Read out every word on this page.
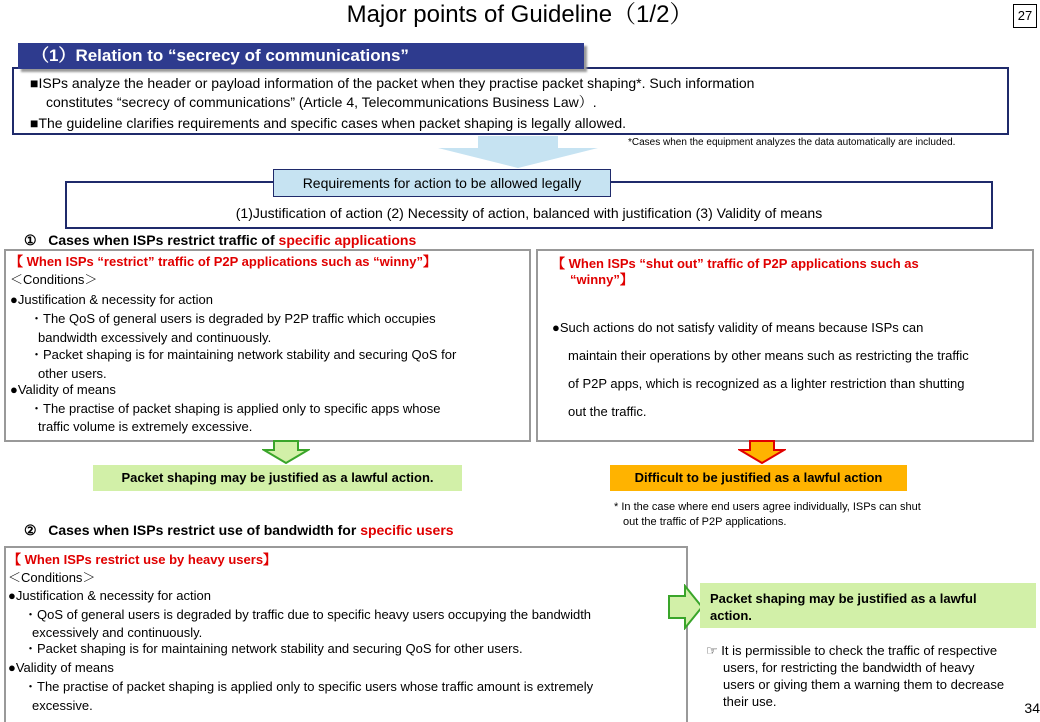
Major points of Guideline（1/2）	27
（1）Relation to “secrecy of communications”
■ISPs analyze the header or payload information of the packet when they practise packet shaping*. Such information
constitutes “secrecy of communications” (Article 4, Telecommunications Business Law）.
■The guideline clarifies requirements and specific cases when packet shaping is legally allowed.
*Cases when the equipment analyzes the data automatically are included.
Requirements for action to be allowed legally
(1)Justification of action (2) Necessity of action, balanced with justification (3) Validity of means
①   Cases when ISPs restrict traffic of specific applications
【 When ISPs “restrict” traffic of P2P applications such as “winny”】
＜Conditions＞
●Justification & necessity for action
・The QoS of general users is degraded by P2P traffic which occupies
bandwidth excessively and continuously.
・Packet shaping is for maintaining network stability and securing QoS for
other users.
●Validity of means
・The practise of packet shaping is applied only to specific apps whose
traffic volume is extremely excessive.
【 When ISPs “shut out” traffic of P2P applications such as
“winny”】
●Such actions do not satisfy validity of means because ISPs can
maintain their operations by other means such as restricting the traffic
of P2P apps, which is recognized as a lighter restriction than shutting
out the traffic.
Packet shaping may be justified as a lawful action.	Difficult to be justified as a lawful action
* In the case where end users agree individually, ISPs can shut
out the traffic of P2P applications.
②   Cases when ISPs restrict use of bandwidth for specific users
【 When ISPs restrict use by heavy users】
＜Conditions＞
●Justification & necessity for action
・QoS of general users is degraded by traffic due to specific heavy users occupying the bandwidth
excessively and continuously.
・Packet shaping is for maintaining network stability and securing QoS for other users.
●Validity of means
・The practise of packet shaping is applied only to specific users whose traffic amount is extremely
excessive.
Packet shaping may be justified as a lawful
action.
☞ It is permissible to check the traffic of respective
users, for restricting the bandwidth of heavy
users or giving them a warning them to decrease
their use.	34
